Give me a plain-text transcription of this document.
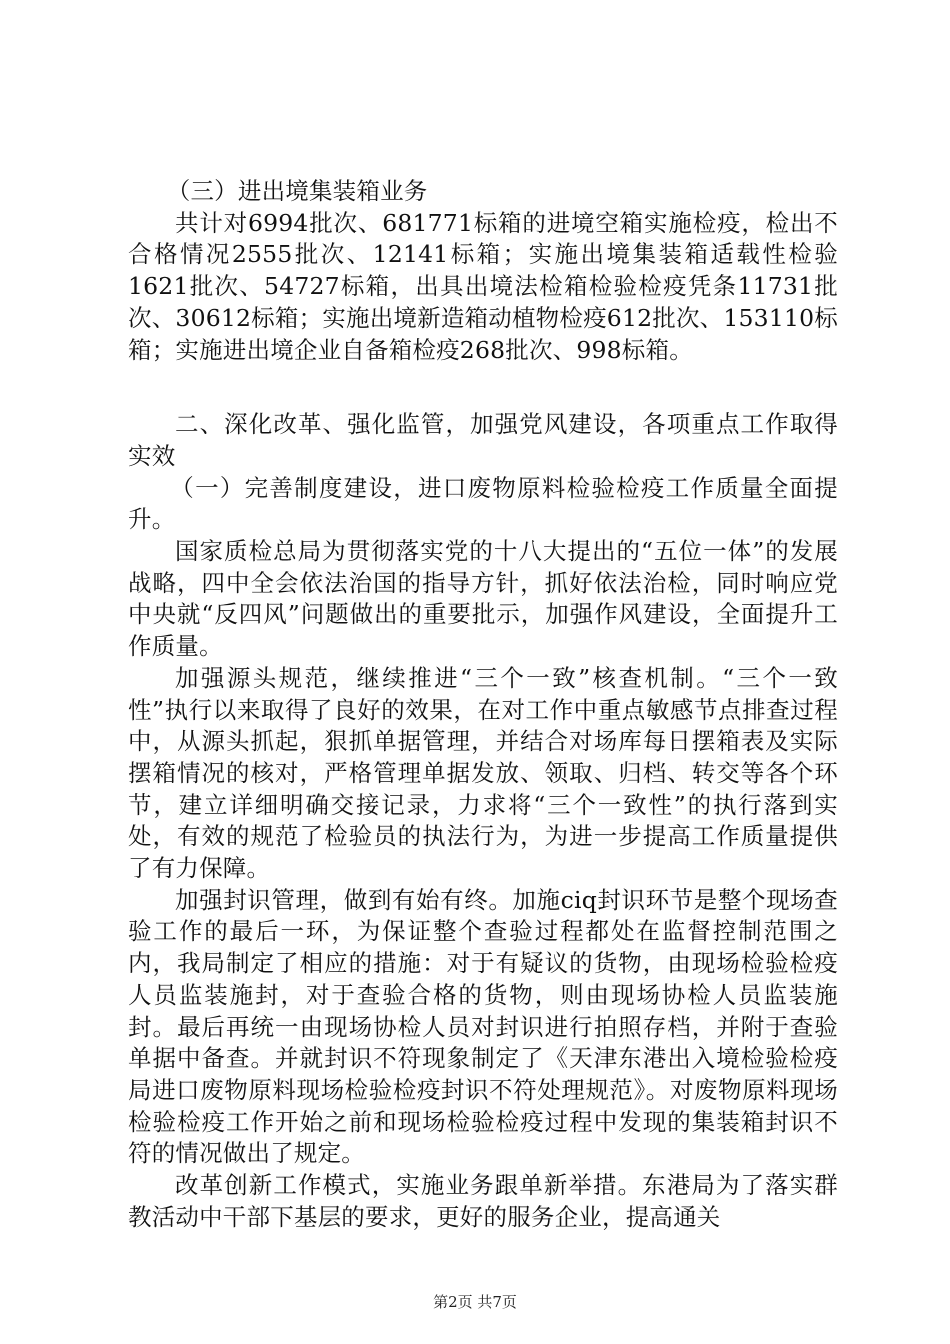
（三）进出境集装箱业务

共计对6994批次、681771标箱的进境空箱实施检疫，检出不合格情况2555批次、12141标箱；实施出境集装箱适载性检验1621批次、54727标箱，出具出境法检箱检验检疫凭条11731批次、30612标箱；实施出境新造箱动植物检疫612批次、153110标箱；实施进出境企业自备箱检疫268批次、998标箱。

二、深化改革、强化监管，加强党风建设，各项重点工作取得实效

（一）完善制度建设，进口废物原料检验检疫工作质量全面提升。

国家质检总局为贯彻落实党的十八大提出的“五位一体”的发展战略，四中全会依法治国的指导方针，抓好依法治检，同时响应党中央就“反四风”问题做出的重要批示，加强作风建设，全面提升工作质量。

加强源头规范，继续推进“三个一致”核查机制。“三个一致性”执行以来取得了良好的效果，在对工作中重点敏感节点排查过程中，从源头抓起，狠抓单据管理，并结合对场库每日摆箱表及实际摆箱情况的核对，严格管理单据发放、领取、归档、转交等各个环节，建立详细明确交接记录，力求将“三个一致性”的执行落到实处，有效的规范了检验员的执法行为，为进一步提高工作质量提供了有力保障。

加强封识管理，做到有始有终。加施ciq封识环节是整个现场查验工作的最后一环，为保证整个查验过程都处在监督控制范围之内，我局制定了相应的措施：对于有疑议的货物，由现场检验检疫人员监装施封，对于查验合格的货物，则由现场协检人员监装施封。最后再统一由现场协检人员对封识进行拍照存档，并附于查验单据中备查。并就封识不符现象制定了《天津东港出入境检验检疫局进口废物原料现场检验检疫封识不符处理规范》。对废物原料现场检验检疫工作开始之前和现场检验检疫过程中发现的集装箱封识不符的情况做出了规定。

改革创新工作模式，实施业务跟单新举措。东港局为了落实群教活动中干部下基层的要求，更好的服务企业，提高通关

第2页 共7页
